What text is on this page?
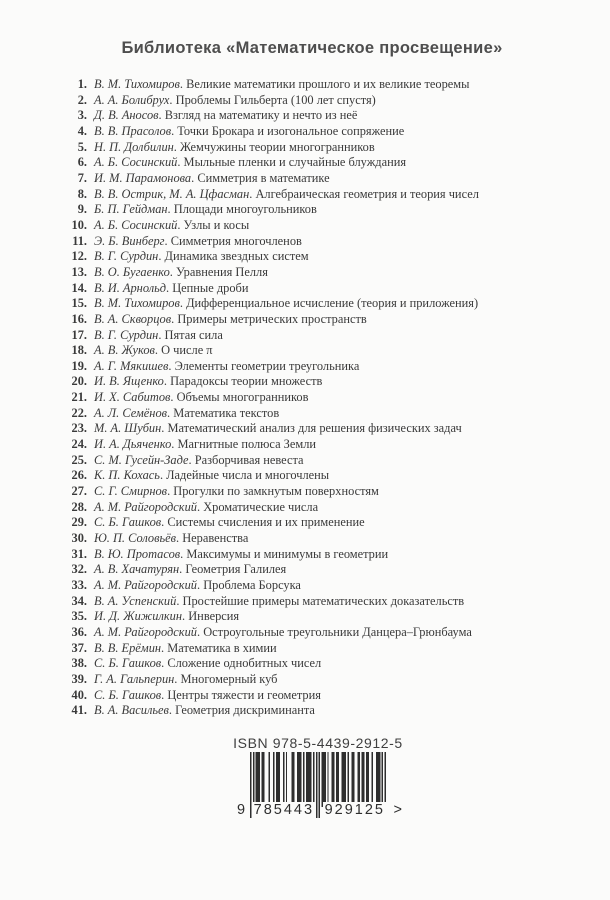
Библиотека «Математическое просвещение»
1. В. М. Тихомиров. Великие математики прошлого и их великие теоремы
2. А. А. Болибрух. Проблемы Гильберта (100 лет спустя)
3. Д. В. Аносов. Взгляд на математику и нечто из неё
4. В. В. Прасолов. Точки Брокара и изогональное сопряжение
5. Н. П. Долбилин. Жемчужины теории многогранников
6. А. Б. Сосинский. Мыльные пленки и случайные блуждания
7. И. М. Парамонова. Симметрия в математике
8. В. В. Острик, М. А. Цфасман. Алгебраическая геометрия и теория чисел
9. Б. П. Гейдман. Площади многоугольников
10. А. Б. Сосинский. Узлы и косы
11. Э. Б. Винберг. Симметрия многочленов
12. В. Г. Сурдин. Динамика звездных систем
13. В. О. Бугаенко. Уравнения Пелля
14. В. И. Арнольд. Цепные дроби
15. В. М. Тихомиров. Дифференциальное исчисление (теория и приложения)
16. В. А. Скворцов. Примеры метрических пространств
17. В. Г. Сурдин. Пятая сила
18. А. В. Жуков. О числе π
19. А. Г. Мякишев. Элементы геометрии треугольника
20. И. В. Ященко. Парадоксы теории множеств
21. И. Х. Сабитов. Объемы многогранников
22. А. Л. Семёнов. Математика текстов
23. М. А. Шубин. Математический анализ для решения физических задач
24. И. А. Дьяченко. Магнитные полюса Земли
25. С. М. Гусейн-Заде. Разборчивая невеста
26. К. П. Кохась. Ладейные числа и многочлены
27. С. Г. Смирнов. Прогулки по замкнутым поверхностям
28. А. М. Райгородский. Хроматические числа
29. С. Б. Гашков. Системы счисления и их применение
30. Ю. П. Соловьёв. Неравенства
31. В. Ю. Протасов. Максимумы и минимумы в геометрии
32. А. В. Хачатурян. Геометрия Галилея
33. А. М. Райгородский. Проблема Борсука
34. В. А. Успенский. Простейшие примеры математических доказательств
35. И. Д. Жижилкин. Инверсия
36. А. М. Райгородский. Остроугольные треугольники Данцера–Грюнбаума
37. В. В. Ерёмин. Математика в химии
38. С. Б. Гашков. Сложение однобитных чисел
39. Г. А. Гальперин. Многомерный куб
40. С. Б. Гашков. Центры тяжести и геометрия
41. В. А. Васильев. Геометрия дискриминанта
ISBN 978-5-4439-2912-5
9 785443 929125 >
